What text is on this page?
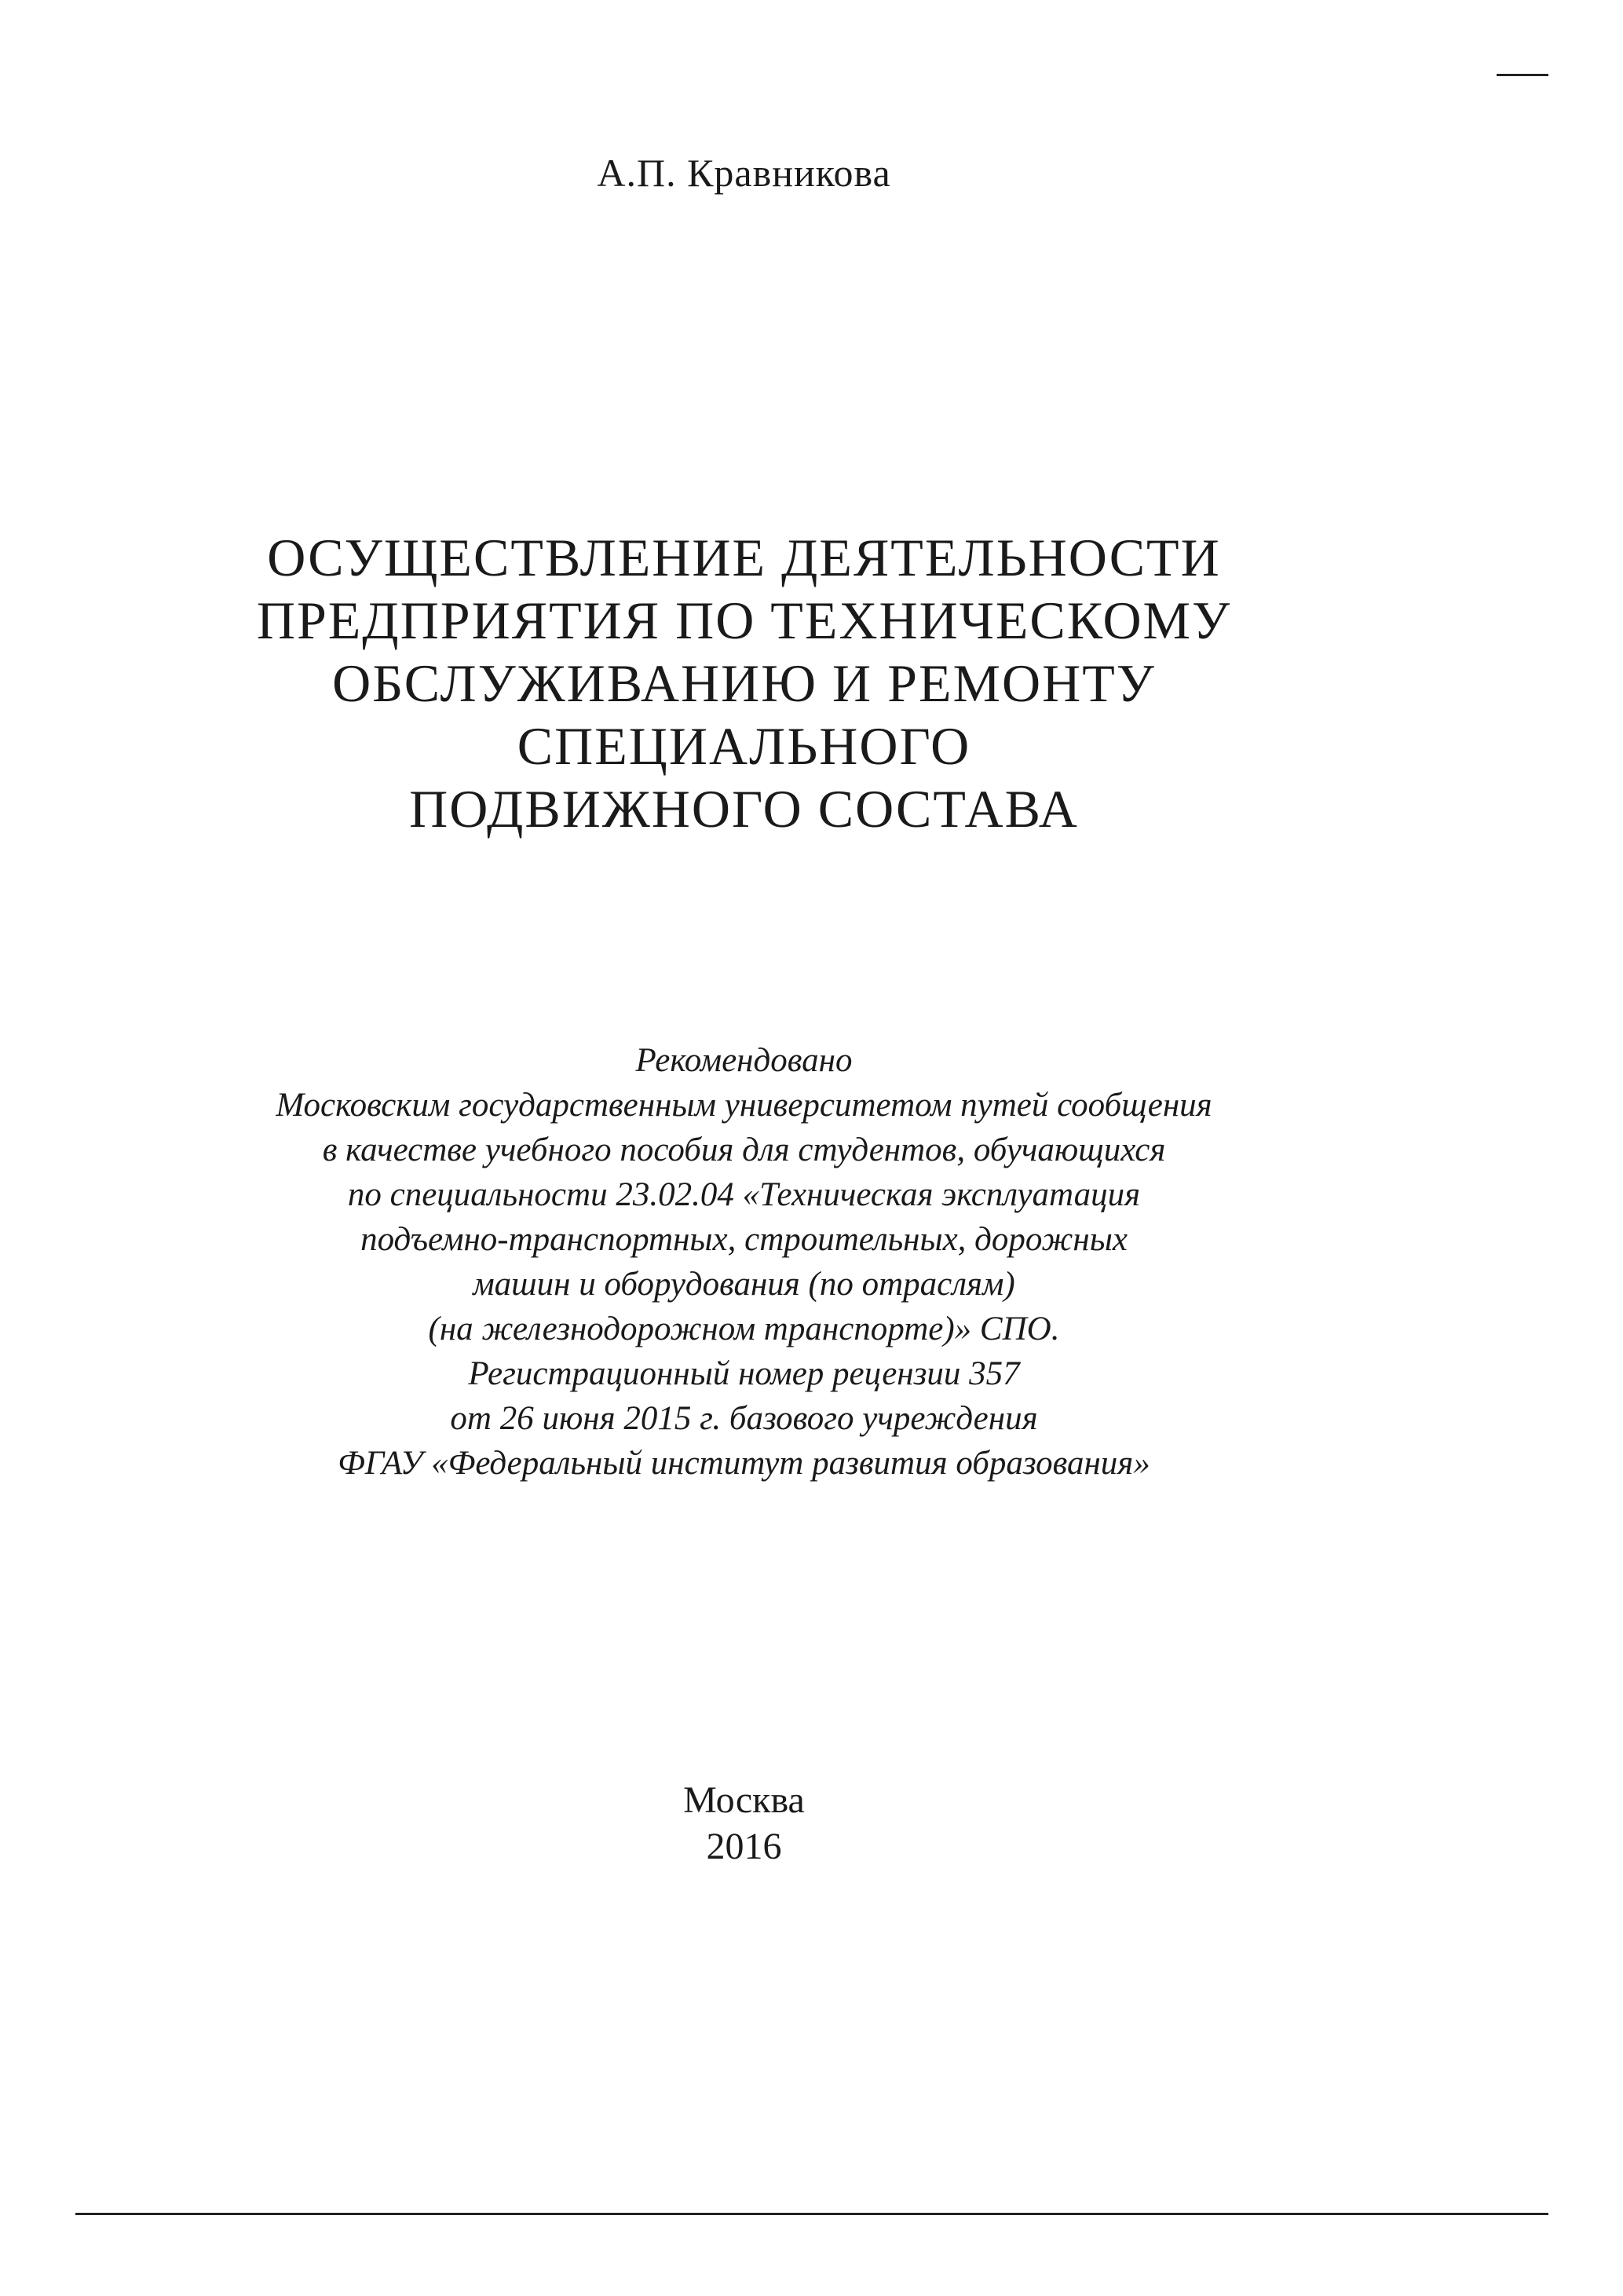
А.П. Кравникова
ОСУЩЕСТВЛЕНИЕ ДЕЯТЕЛЬНОСТИ
ПРЕДПРИЯТИЯ ПО ТЕХНИЧЕСКОМУ
ОБСЛУЖИВАНИЮ И РЕМОНТУ
СПЕЦИАЛЬНОГО
ПОДВИЖНОГО СОСТАВА
Рекомендовано
Московским государственным университетом путей сообщения
в качестве учебного пособия для студентов, обучающихся
по специальности 23.02.04 «Техническая эксплуатация
подъемно-транспортных, строительных, дорожных
машин и оборудования (по отраслям)
(на железнодорожном транспорте)» СПО.
Регистрационный номер рецензии 357
от 26 июня 2015 г. базового учреждения
ФГАУ «Федеральный институт развития образования»
Москва
2016
